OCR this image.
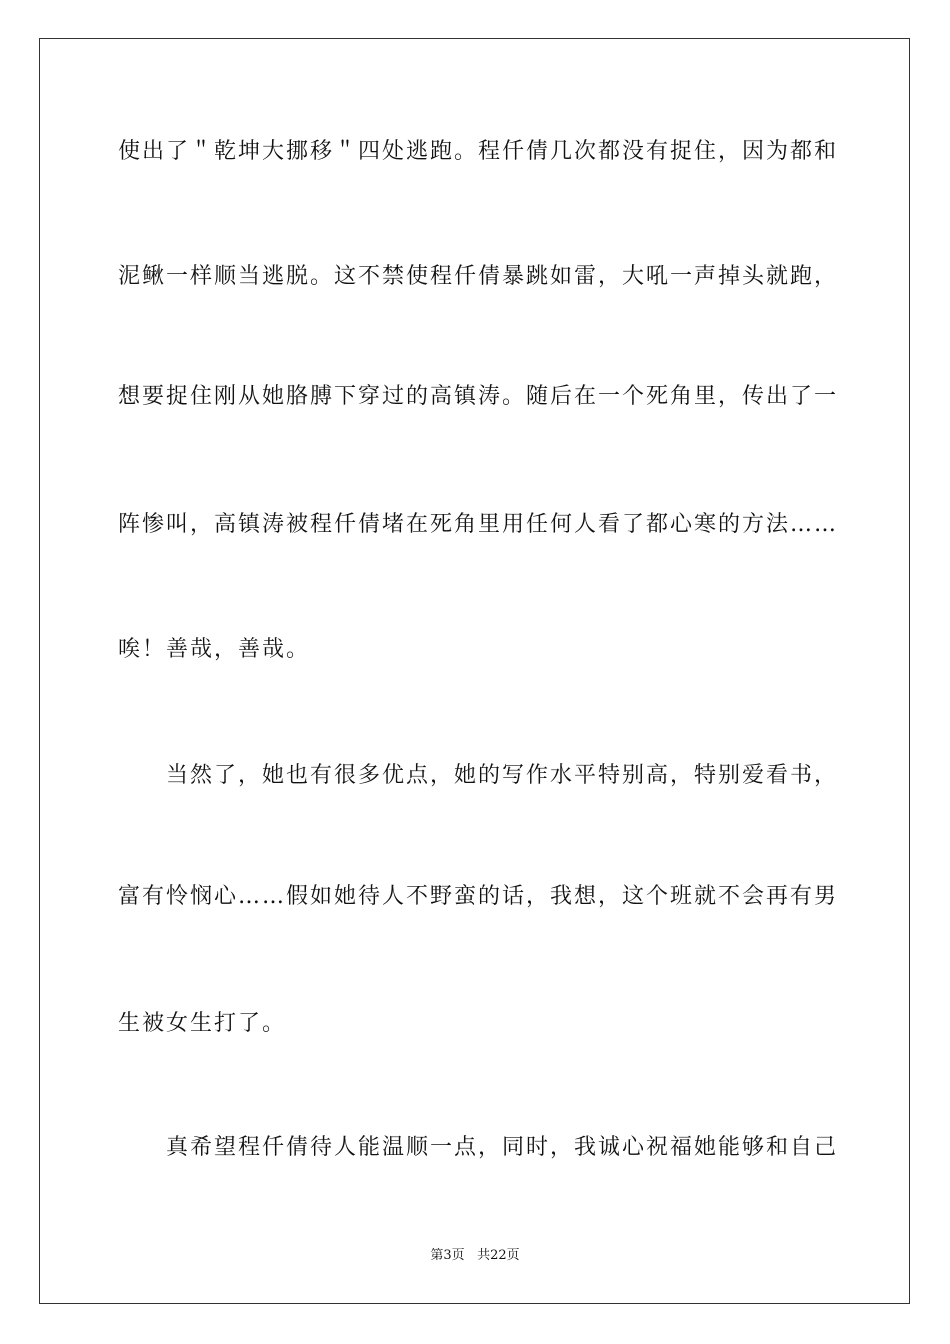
使出了＂乾坤大挪移＂四处逃跑。程仟倩几次都没有捉住，因为都和
泥鳅一样顺当逃脱。这不禁使程仟倩暴跳如雷，大吼一声掉头就跑，
想要捉住刚从她胳膊下穿过的高镇涛。随后在一个死角里，传出了一
阵惨叫，高镇涛被程仟倩堵在死角里用任何人看了都心寒的方法……
唉！善哉，善哉。
当然了，她也有很多优点，她的写作水平特别高，特别爱看书，
富有怜悯心……假如她待人不野蛮的话，我想，这个班就不会再有男
生被女生打了。
真希望程仟倩待人能温顺一点，同时，我诚心祝福她能够和自己
第3页 共22页
